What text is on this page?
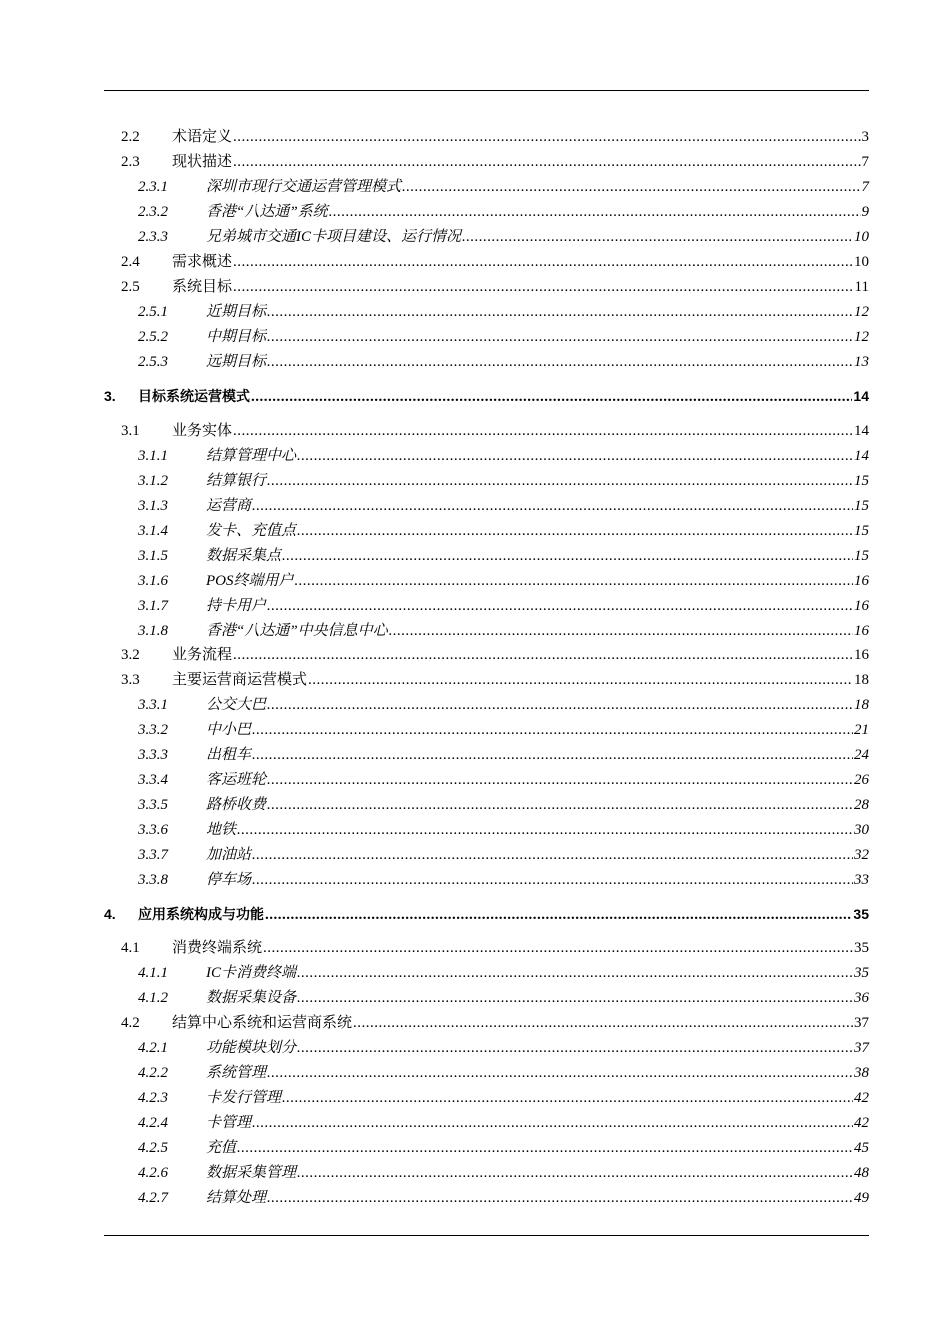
2.2	术语定义 .....	3
2.3	现状描述 .....	7
2.3.1	深圳市现行交通运营管理模式 .....	7
2.3.2	香港“八达通”系统 .....	9
2.3.3	兄弟城市交通IC卡项目建设、运行情况 .....	10
2.4	需求概述 .....	10
2.5	系统目标 .....	11
2.5.1	近期目标 .....	12
2.5.2	中期目标 .....	12
2.5.3	远期目标 .....	13
3.	目标系统运营模式 .....	14
3.1	业务实体 .....	14
3.1.1	结算管理中心 .....	14
3.1.2	结算银行 .....	15
3.1.3	运营商 .....	15
3.1.4	发卡、充值点 .....	15
3.1.5	数据采集点 .....	15
3.1.6	POS终端用户 .....	16
3.1.7	持卡用户 .....	16
3.1.8	香港“八达通”中央信息中心 .....	16
3.2	业务流程 .....	16
3.3	主要运营商运营模式 .....	18
3.3.1	公交大巴 .....	18
3.3.2	中小巴 .....	21
3.3.3	出租车 .....	24
3.3.4	客运班轮 .....	26
3.3.5	路桥收费 .....	28
3.3.6	地铁 .....	30
3.3.7	加油站 .....	32
3.3.8	停车场 .....	33
4.	应用系统构成与功能 .....	35
4.1	消费终端系统 .....	35
4.1.1	IC卡消费终端 .....	35
4.1.2	数据采集设备 .....	36
4.2	结算中心系统和运营商系统 .....	37
4.2.1	功能模块划分 .....	37
4.2.2	系统管理 .....	38
4.2.3	卡发行管理 .....	42
4.2.4	卡管理 .....	42
4.2.5	充值 .....	45
4.2.6	数据采集管理 .....	48
4.2.7	结算处理 .....	49
